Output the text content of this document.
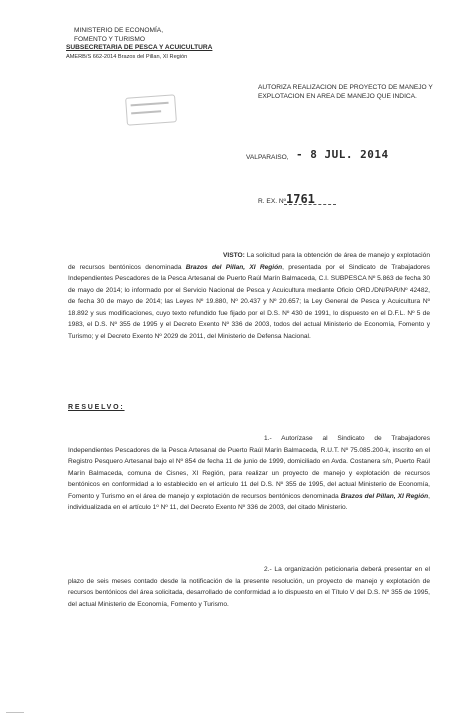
MINISTERIO DE ECONOMÍA,
FOMENTO Y TURISMO
SUBSECRETARIA DE PESCA Y ACUICULTURA
AMERB/S 662-2014 Brazos del Pillan, XI Región
AUTORIZA REALIZACION DE PROYECTO DE MANEJO Y EXPLOTACION EN AREA DE MANEJO QUE INDICA.
VALPARAISO, - 8 JUL. 2014
R. EX. Nº 1761
VISTO: La solicitud para la obtención de área de manejo y explotación de recursos bentónicos denominada Brazos del Pillan, XI Región, presentada por el Sindicato de Trabajadores Independientes Pescadores de la Pesca Artesanal de Puerto Raúl Marín Balmaceda, C.I. SUBPESCA Nº 5.863 de fecha 30 de mayo de 2014; lo informado por el Servicio Nacional de Pesca y Acuicultura mediante Oficio ORD./DN/PAR/Nº 42482, de fecha 30 de mayo de 2014; las Leyes Nº 19.880, Nº 20.437 y Nº 20.657; la Ley General de Pesca y Acuicultura Nº 18.892 y sus modificaciones, cuyo texto refundido fue fijado por el D.S. Nº 430 de 1991, lo dispuesto en el D.F.L. Nº 5 de 1983, el D.S. Nº 355 de 1995 y el Decreto Exento Nº 336 de 2003, todos del actual Ministerio de Economía, Fomento y Turismo; y el Decreto Exento Nº 2029 de 2011, del Ministerio de Defensa Nacional.
RESUELVO:
1.- Autorízase al Sindicato de Trabajadores Independientes Pescadores de la Pesca Artesanal de Puerto Raúl Marín Balmaceda, R.U.T. Nº 75.085.200-k, inscrito en el Registro Pesquero Artesanal bajo el Nº 854 de fecha 11 de junio de 1999, domiciliado en Avda. Costanera s/n, Puerto Raúl Marín Balmaceda, comuna de Cisnes, XI Región, para realizar un proyecto de manejo y explotación de recursos bentónicos en conformidad a lo establecido en el artículo 11 del D.S. Nº 355 de 1995, del actual Ministerio de Economía, Fomento y Turismo en el área de manejo y explotación de recursos bentónicos denominada Brazos del Pillan, XI Región, individualizada en el artículo 1º Nº 11, del Decreto Exento Nº 336 de 2003, del citado Ministerio.
2.- La organización peticionaria deberá presentar en el plazo de seis meses contado desde la notificación de la presente resolución, un proyecto de manejo y explotación de recursos bentónicos del área solicitada, desarrollado de conformidad a lo dispuesto en el Título V del D.S. Nº 355 de 1995, del actual Ministerio de Economía, Fomento y Turismo.
